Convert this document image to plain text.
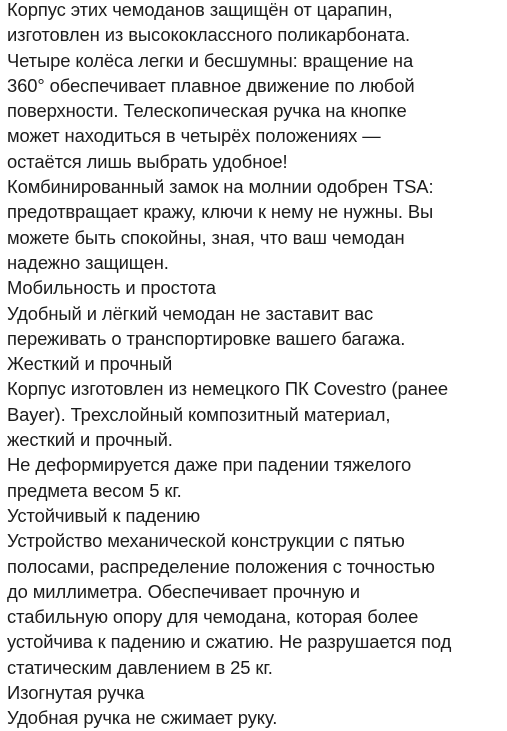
Корпус этих чемоданов защищён от царапин,
изготовлен из высококлассного поликарбоната.
Четыре колёса легки и бесшумны: вращение на
360° обеспечивает плавное движение по любой
поверхности. Телескопическая ручка на кнопке
может находиться в четырёх положениях —
остаётся лишь выбрать удобное!
Комбинированный замок на молнии одобрен TSA:
предотвращает кражу, ключи к нему не нужны. Вы
можете быть спокойны, зная, что ваш чемодан
надежно защищен.
Мобильность и простота
Удобный и лёгкий чемодан не заставит вас
переживать о транспортировке вашего багажа.
Жесткий и прочный
Корпус изготовлен из немецкого ПК Covestro (ранее
Bayer). Трехслойный композитный материал,
жесткий и прочный.
Не деформируется даже при падении тяжелого
предмета весом 5 кг.
Устойчивый к падению
Устройство механической конструкции с пятью
полосами, распределение положения с точностью
до миллиметра. Обеспечивает прочную и
стабильную опору для чемодана, которая более
устойчива к падению и сжатию. Не разрушается под
статическим давлением в 25 кг.
Изогнутая ручка
Удобная ручка не сжимает руку.
